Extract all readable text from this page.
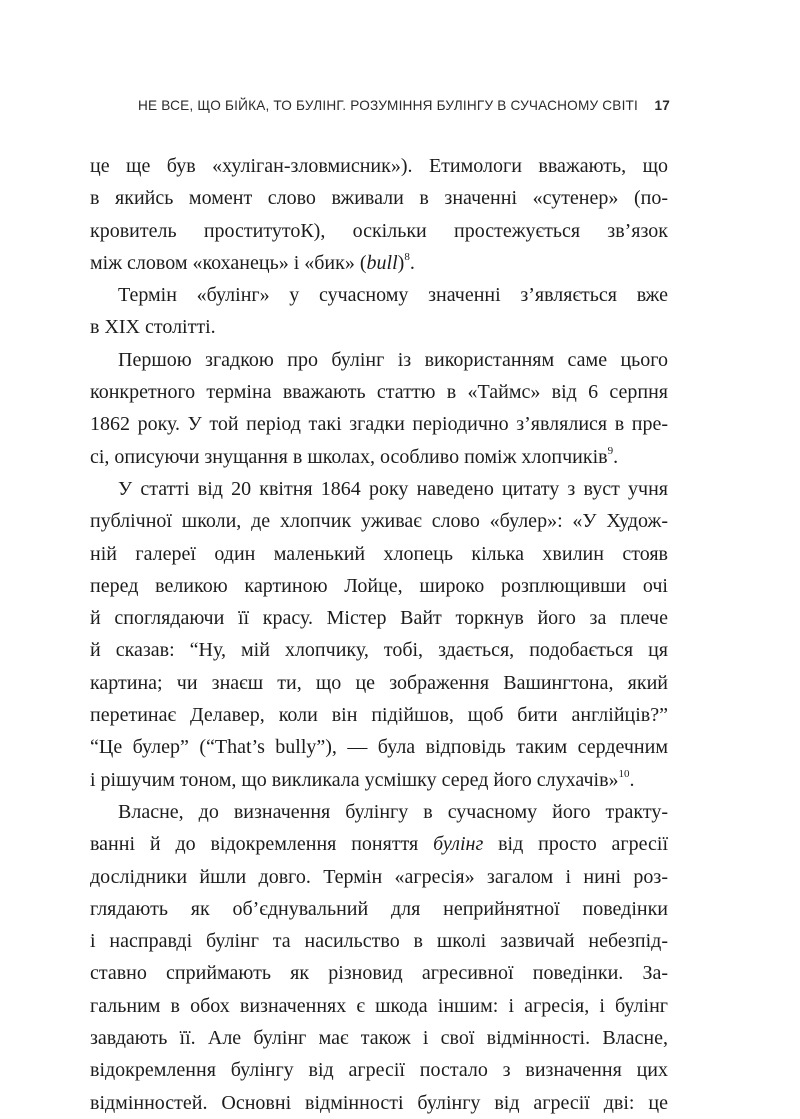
НЕ ВСЕ, ЩО БІЙКА, ТО БУЛІНГ. РОЗУМІННЯ БУЛІНГУ В СУЧАСНОМУ СВІТІ 17
це ще був «хуліган-зловмисник»). Етимологи вважають, що
в якийсь момент слово вживали в значенні «сутенер» (по-
кровитель проститутоК), оскільки простежується зв’язок
між словом «коханець» і «бик» (bull)$^8$.
Термін «булінг» у сучасному значенні з’являється вже
в XIX столітті.
Першою згадкою про булінг із використанням саме цього
конкретного терміна вважають статтю в «Таймс» від 6 серпня
1862 року. У той період такі згадки періодично з’являлися в пре-
сі, описуючи знущання в школах, особливо поміж хлопчиків$^9$.
У статті від 20 квітня 1864 року наведено цитату з вуст учня
публічної школи, де хлопчик уживає слово «булер»: «У Худож-
ній галереї один маленький хлопець кілька хвилин стояв
перед великою картиною Лойце, широко розплющивши очі
й споглядаючи її красу. Містер Вайт торкнув його за плече
й сказав: “Ну, мій хлопчику, тобі, здається, подобається ця
картина; чи знаєш ти, що це зображення Вашингтона, який
перетинає Делавер, коли він підійшов, щоб бити англійців?”
“Це булер” (“That’s bully”), — була відповідь таким сердечним
і рішучим тоном, що викликала усмішку серед його слухачів»$^{10}$.
Власне, до визначення булінгу в сучасному його тракту-
ванні й до відокремлення поняття булінг від просто агресії
дослідники йшли довго. Термін «агресія» загалом і нині роз-
глядають як об’єднувальний для неприйнятної поведінки
і насправді булінг та насильство в школі зазвичай небезпід-
ставно сприймають як різновид агресивної поведінки. За-
гальним в обох визначеннях є шкода іншим: і агресія, і булінг
завдають її. Але булінг має також і свої відмінності. Власне,
відокремлення булінгу від агресії постало з визначення цих
відмінностей. Основні відмінності булінгу від агресії дві: це
